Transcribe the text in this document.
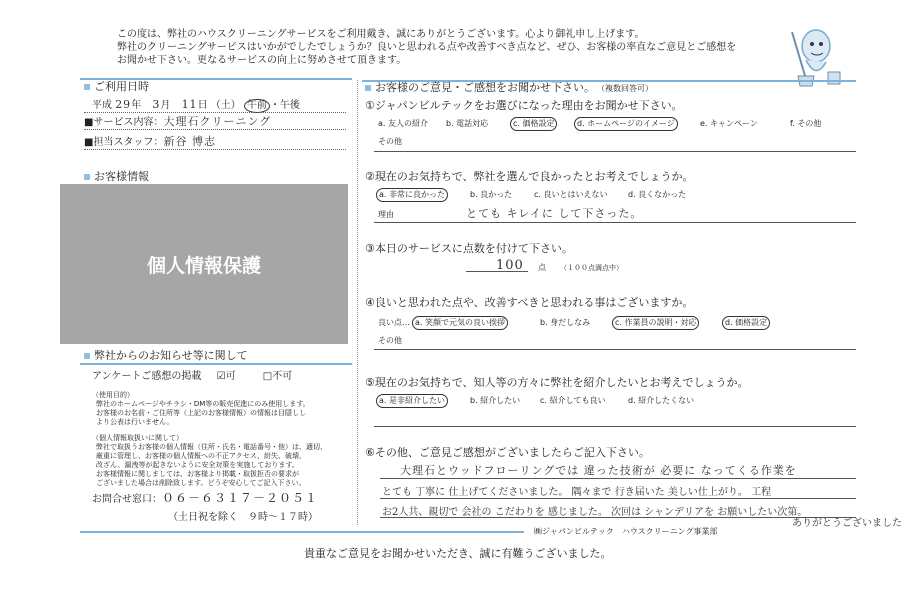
この度は、弊社のハウスクリーニングサービスをご利用戴き、誠にありがとうございます。心より御礼申し上げます。
弊社のクリーニングサービスはいかがでしたでしょうか？良いと思われる点や改善すべき点など、ぜひ、お客様の率直なご意見とご感想を
お聞かせ下さい。更なるサービスの向上に努めさせて頂きます。
ご利用日時
平成 29年 3月 11日 （土） 午前 ・午後
■サービス内容：大理石クリーニング
■担当スタッフ：新谷 博志
お客様情報
個人情報保護
弊社からのお知らせ等に関して
アンケートご感想の掲載 ☑可	□不可
（使用目的）
弊社のホームページやチラシ・DM等の販売促進にのみ使用します。
お客様のお名前・ご住所等（上記のお客様情報）の情報は目隠しし
より公表は行いません。
（個人情報取扱いに関して）
弊社で取扱うお客様の個人情報（住所・氏名・電話番号・他）は、適切、
厳重に管理し、お客様の個人情報への不正アクセス、紛失、破壊、
改ざん、漏洩等が起きないように安全対策を実施しております。
お客様情報に関しましては、お客様より掲載・取扱拒否の要求が
ございました場合は削除致します。どうぞ安心してご記入下さい。
お問合せ窓口：０６－６３１７－２０５１
（土日祝を除く　９時～１７時）
お客様のご意見・ご感想をお聞かせ下さい。 （複数回答可）
①ジャパンビルテックをお選びになった理由をお聞かせ下さい。
a. 友人の紹介 b. 電話対応	c. 価格設定	d. ホームページのイメージ	e. キャンペーン	f. その他
その他
②現在のお気持ちで、弊社を選んで良かったとお考えでしょうか。
a. 非常に良かった	b. 良かった	c. 良いとはいえない	d. 良くなかった
理由	とても キレイに して下さった。
③本日のサービスに点数を付けて下さい。
100 点 （１００点満点中）
④良いと思われた点や、改善すべきと思われる事はございますか。
良い点… a. 笑顔で元気の良い挨拶	b. 身だしなみ	c. 作業員の説明・対応	d. 価格設定
その他
⑤現在のお気持ちで、知人等の方々に弊社を紹介したいとお考えでしょうか。
a. 是非紹介したい	b. 紹介したい c. 紹介しても良い	d. 紹介したくない
⑥その他、ご意見ご感想がございましたらご記入下さい。
大理石とウッドフローリングでは 違った技術が 必要に なってくる作業を
とても 丁寧に 仕上げてくださいました。 隅々まで 行き届いた 美しい仕上がり。 工程
お2人共、親切で 会社の こだわりを 感じました。 次回は シャンデリアを お願いしたい次第。
ありがとうございました
㈱ジャパンビルテック　ハウスクリーニング事業部
貴重なご意見をお聞かせいただき、誠に有難うございました。
